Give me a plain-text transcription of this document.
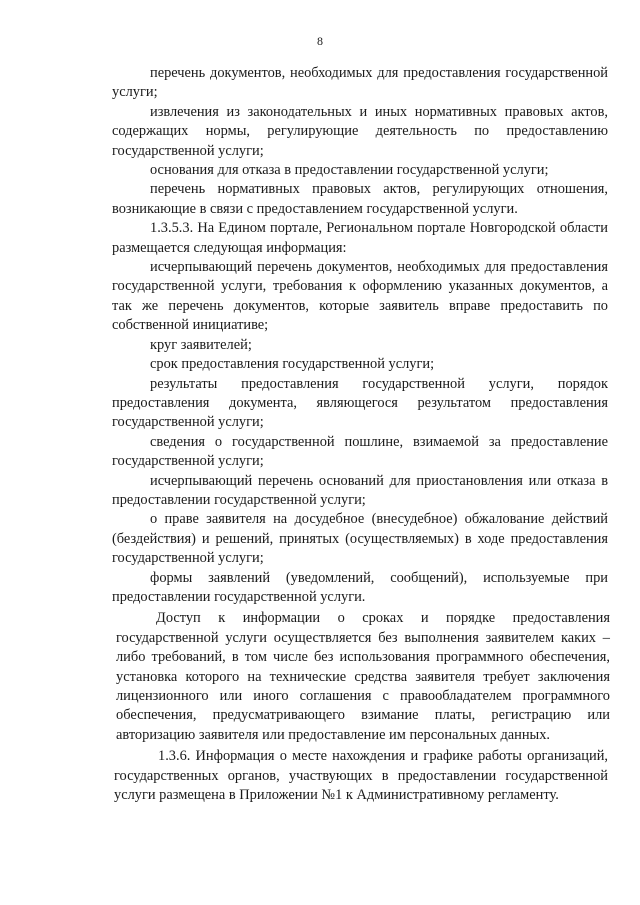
8

перечень документов, необходимых для предоставления государственной услуги;

извлечения из законодательных и иных нормативных правовых актов, содержащих нормы, регулирующие деятельность по предоставлению государственной услуги;

основания для отказа в предоставлении государственной услуги;

перечень нормативных правовых актов, регулирующих отношения, возникающие в связи с предоставлением государственной услуги.

1.3.5.3. На Едином портале, Региональном портале Новгородской области размещается следующая информация:

исчерпывающий перечень документов, необходимых для предоставления государственной услуги, требования к оформлению указанных документов, а так же перечень документов, которые заявитель вправе предоставить по собственной инициативе;

круг заявителей;

срок предоставления государственной услуги;

результаты предоставления государственной услуги, порядок предоставления документа, являющегося результатом предоставления государственной услуги;

сведения о государственной пошлине, взимаемой за предоставление государственной услуги;

исчерпывающий перечень оснований для приостановления или отказа в предоставлении государственной услуги;

о праве заявителя на досудебное (внесудебное) обжалование действий (бездействия) и решений, принятых (осуществляемых) в ходе предоставления государственной услуги;

формы заявлений (уведомлений, сообщений), используемые при предоставлении государственной услуги.

Доступ к информации о сроках и порядке предоставления государственной услуги осуществляется без выполнения заявителем каких – либо требований, в том числе без использования программного обеспечения, установка которого на технические средства заявителя требует заключения лицензионного или иного соглашения с правообладателем программного обеспечения, предусматривающего взимание платы, регистрацию или авторизацию заявителя или предоставление им персональных данных.

1.3.6. Информация о месте нахождения и графике работы организаций, государственных органов, участвующих в предоставлении государственной услуги размещена в Приложении №1 к Административному регламенту.
